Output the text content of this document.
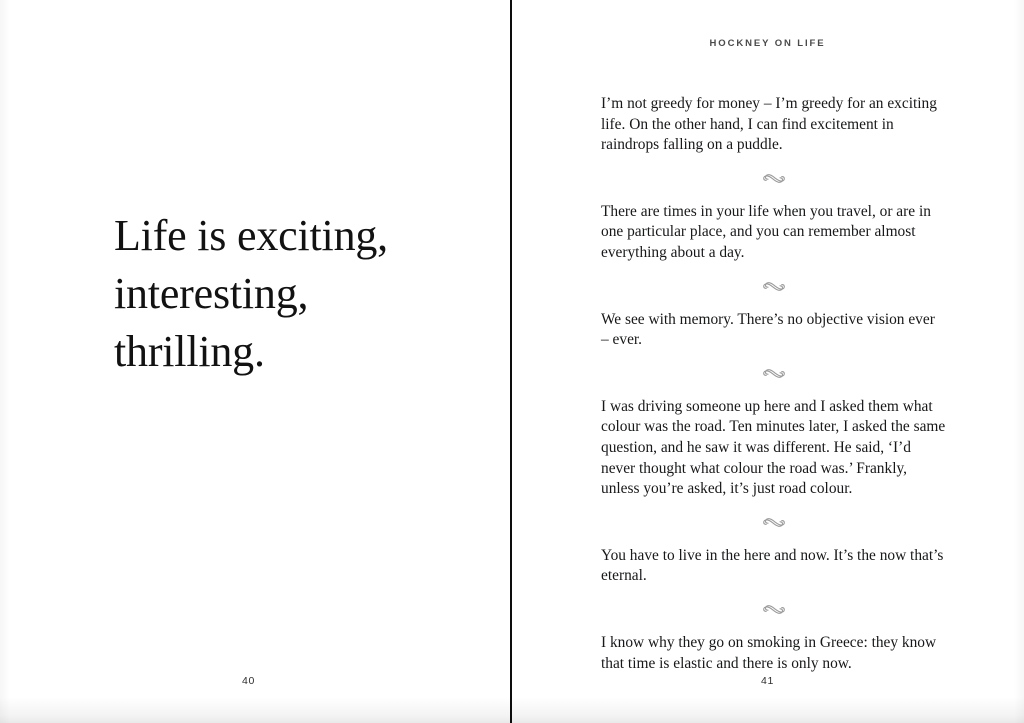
Life is exciting,
interesting,
thrilling.
40
HOCKNEY ON LIFE

I’m not greedy for money – I’m greedy for an exciting life. On the other hand, I can find excitement in raindrops falling on a puddle.

There are times in your life when you travel, or are in one particular place, and you can remember almost everything about a day.

We see with memory. There’s no objective vision ever – ever.

I was driving someone up here and I asked them what colour was the road. Ten minutes later, I asked the same question, and he saw it was different. He said, ‘I’d never thought what colour the road was.’ Frankly, unless you’re asked, it’s just road colour.

You have to live in the here and now. It’s the now that’s eternal.

I know why they go on smoking in Greece: they know that time is elastic and there is only now.

41
